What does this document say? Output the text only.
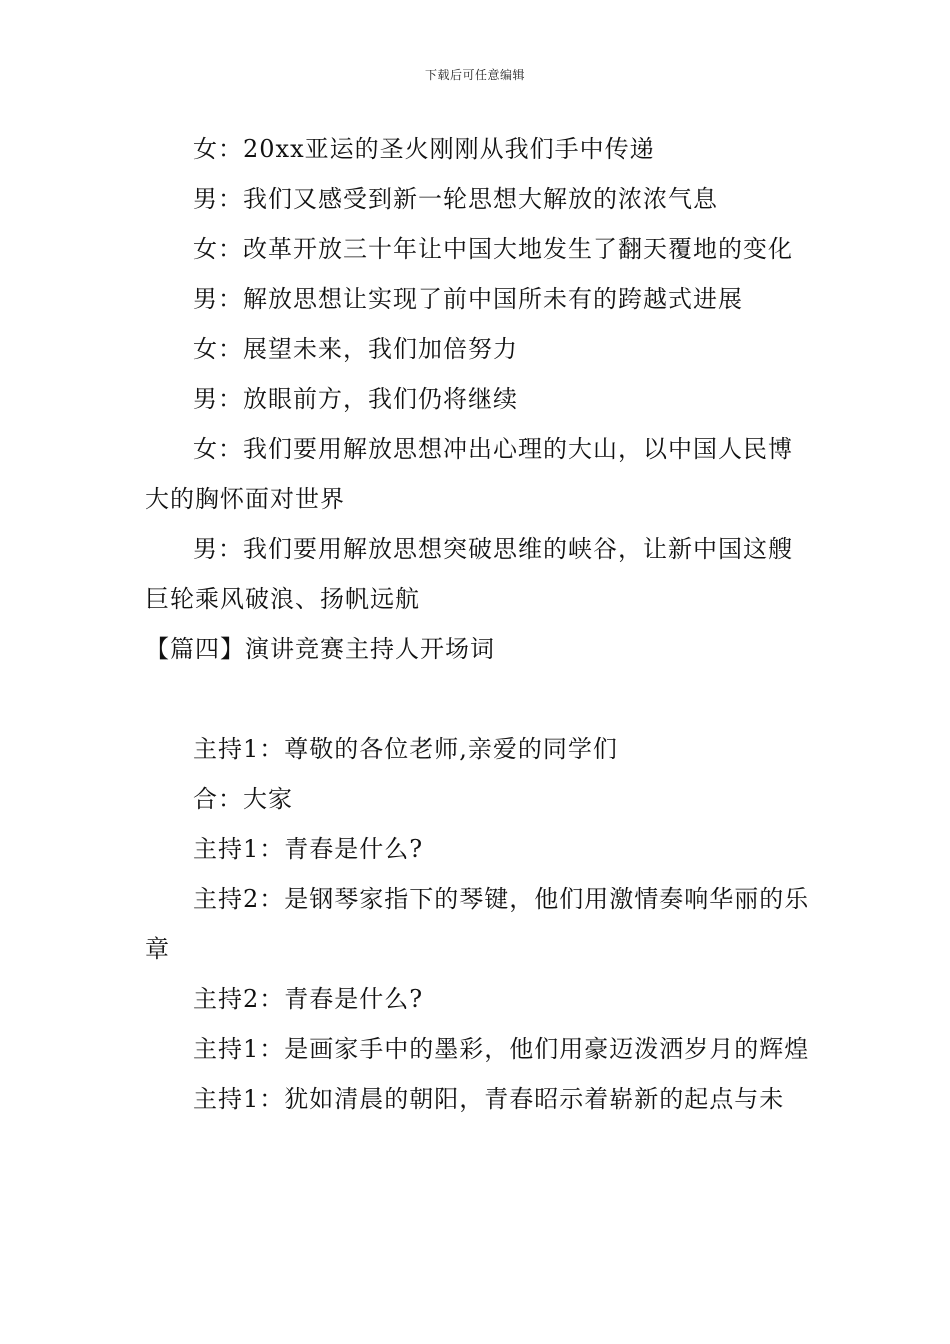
下载后可任意编辑

女：20xx亚运的圣火刚刚从我们手中传递

男：我们又感受到新一轮思想大解放的浓浓气息

女：改革开放三十年让中国大地发生了翻天覆地的变化

男：解放思想让实现了前中国所未有的跨越式进展

女：展望未来，我们加倍努力

男：放眼前方，我们仍将继续

女：我们要用解放思想冲出心理的大山，以中国人民博大的胸怀面对世界

男：我们要用解放思想突破思维的峡谷，让新中国这艘巨轮乘风破浪、扬帆远航

【篇四】演讲竞赛主持人开场词

主持1：尊敬的各位老师,亲爱的同学们

合：大家

主持1：青春是什么?

主持2：是钢琴家指下的琴键，他们用激情奏响华丽的乐章

主持2：青春是什么?

主持1：是画家手中的墨彩，他们用豪迈泼洒岁月的辉煌

主持1：犹如清晨的朝阳，青春昭示着崭新的起点与未
